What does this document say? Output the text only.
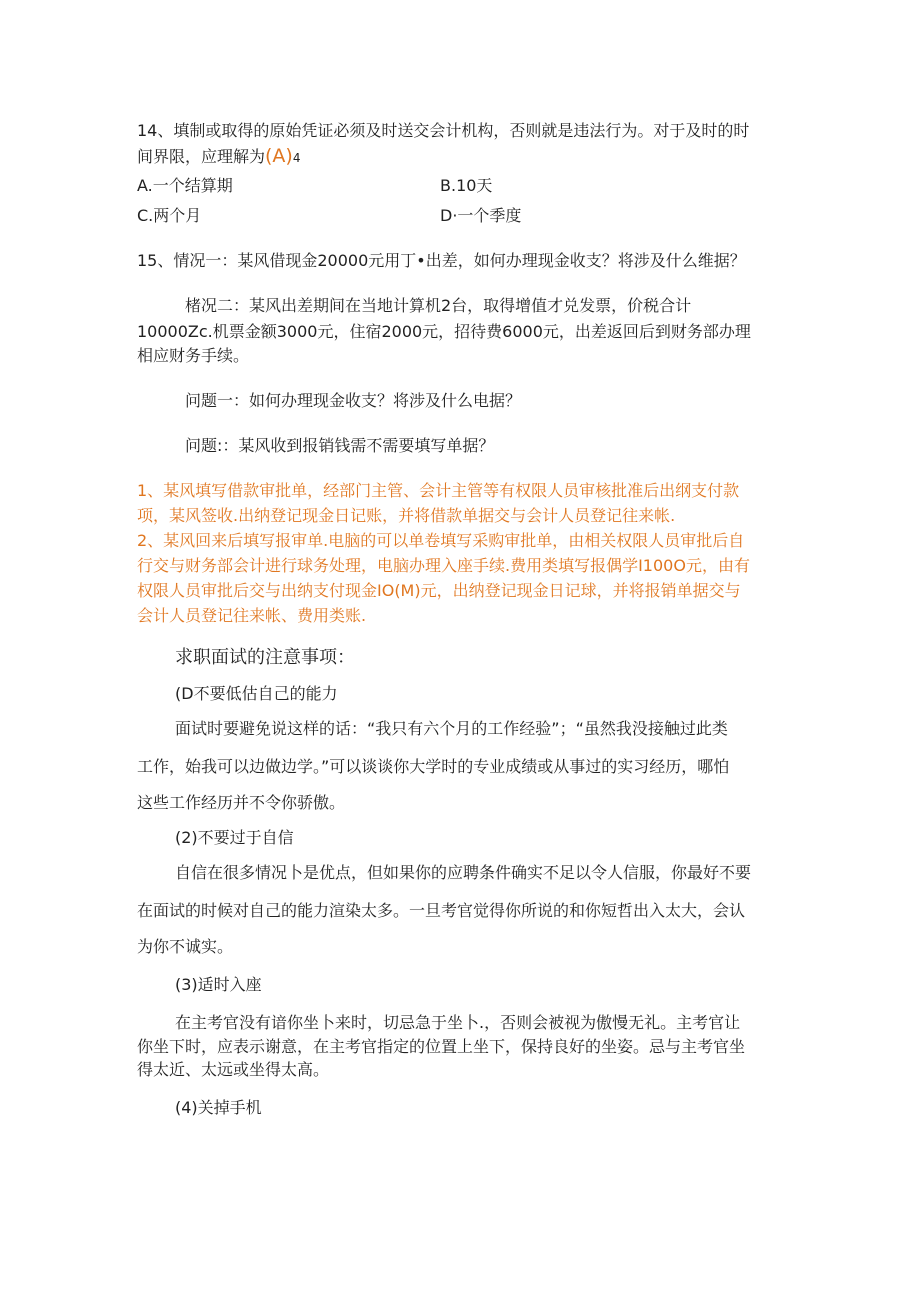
14、填制或取得的原始凭证必须及时送交会计机构，否则就是违法行为。对于及时的时
间界限，应理解为(A)4
A.一个结算期	B.10天
C.两个月	D·一个季度
15、情况一：某风借现金20000元用丁•出差，如何办理现金收支？将涉及什么维据？
楮况二：某风出差期间在当地计算机2台，取得增值才兑发票，价税合计
10000Zc.机票金额3000元，住宿2000元，招待费6000元，出差返回后到财务部办理
相应财务手续。
问题一：如何办理现金收支？将涉及什么电据？
问题:：某风收到报销钱需不需要填写单据？
1、某风填写借款审批单，经部门主管、会计主管等有权限人员审核批准后出纲支付款
项，某风签收.出纳登记现金日记账，并将借款单据交与会计人员登记往来帐.
2、某风回来后填写报审单.电脑的可以单卷填写采购审批单，由相关权限人员审批后自
行交与财务部会计进行球务处理，电脑办理入座手续.费用类填写报偶学I100O元，由有
权限人员审批后交与出纳支付现金IO(M)元，出纳登记现金日记球，并将报销单据交与
会计人员登记往来帐、费用类账.
求职面试的注意事项：
(D不要低估自己的能力
面试时要避免说这样的话：“我只有六个月的工作经验”；“虽然我没接触过此类
工作，始我可以边做边学。”可以谈谈你大学时的专业成绩或从事过的实习经历，哪怕
这些工作经历并不令你骄傲。
(2)不要过于自信
自信在很多情况卜是优点，但如果你的应聘条件确实不足以令人信服，你最好不要
在面试的时候对自己的能力渲染太多。一旦考官觉得你所说的和你短哲出入太大，会认
为你不诚实。
(3)适时入座
在主考官没有谙你坐卜来时，切忌急于坐卜.，否则会被视为傲慢无礼。主考官让
你坐下时，应表示谢意，在主考官指定的位置上坐下，保持良好的坐姿。忌与主考官坐
得太近、太远或坐得太高。
(4)关掉手机
